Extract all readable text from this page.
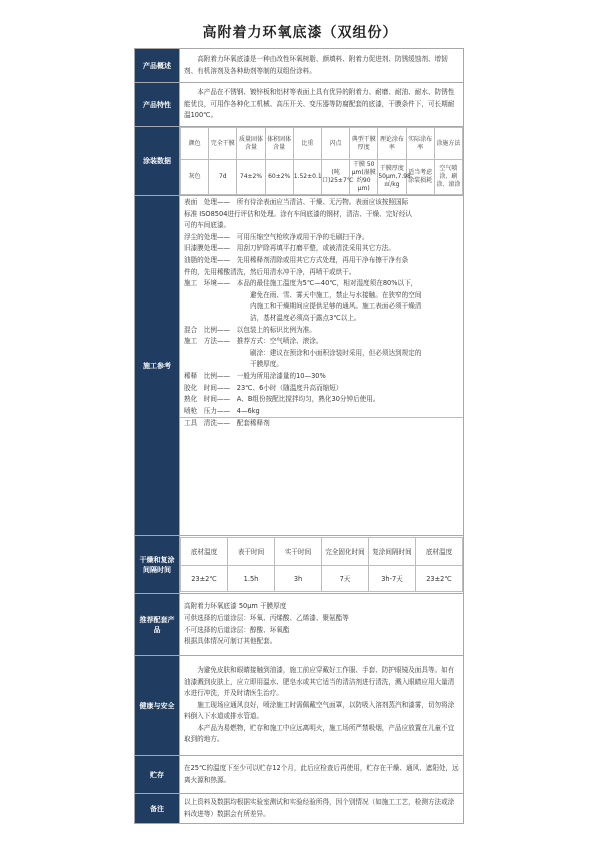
高附着力环氧底漆（双组份）
产品概述	
高附着力环氧底漆是一种由改性环氧树脂、颜填料、附着力促进剂、防锈缓蚀剂、增韧剂、有机溶剂及各种助剂等制的双组份涂料。

产品特性	
本产品在不锈钢、镀锌板和铝材等表面上具有优异的附着力、耐磨、耐油、耐水、防锈性能优良，可用作各种化工机械、高压开关、变压器等防腐配套的底漆，干膜条件下，可长期耐温100℃。

涂装数据	
颜色	完全干膜	质量固体含量	体积固体含量	比重	闪点	典型干膜厚度	理论涂布率	实际涂布率	涂施方法
灰色	7d	74±2%	60±2%	1.52±0.1	(吨口)25±7℃	干膜 50 μm(湿膜约90 μm)	干膜厚度50μm,7.98㎡/kg	适当考虑涂装损耗	空气喷涂、刷涂、滚涂

施工参考	
表面　处理——　所有待涂表面应当清洁、干燥、无污物。表面应该按照国际
标准 ISO8504进行评估和处理。涂有车间底漆的钢材，清洁、干燥、完好经认
可的车间底漆。
浮尘的处理——　可用压缩空气枪吹净或用干净的毛刷扫干净。
旧漆膜处理——　用刮刀铲除再填平打磨平整，或被清洗采用其它方法。
油脂的处理——　先用稀释剂清除或用其它方式处理，再用干净布擦干净有条
件的，先用稀酸清洗，然后用清水冲干净，再喷干或烘干。
施工　环境——　本品的最佳施工温度为5℃—40℃，相对湿度须在80%以下，
避免在雨、雪、雾天中施工，禁止与水接触。在狭窄的空间
内施工和干燥期间应提供足够的通风。施工表面必须干燥清
洁，基材温度必须高于露点3℃以上。
混合　比例——　以包装上的标识比例为准。
施工　方法——　推荐方式：空气喷涂、滚涂。
刷涂：建议在预涂和小面积涂装时采用，但必须达到规定的
干膜厚度。
稀释　比例——　一般为所用涂漆量的10—30%
胶化　时间——　23℃、6小时（随温度升高而缩短）
熟化　时间——　A、B组份按配比搅拌均匀，熟化30分钟后使用。
喷枪　压力——　4—6kg
工具　清洗——　配套稀释剂

干燥和复涂间隔时间	
底材温度	表干时间	实干时间	完全固化时间	复涂间隔时间	底材温度
23±2℃	1.5h	3h	7天	3h-7天	23±2℃

推荐配套产品	
高附着力环氧底漆 50μm 干膜厚度
可供选择的后道涂层：环氧、丙烯酸、乙烯漆、聚氨酯等
不可选择的后道涂层：醇酸、环氧酯
根据具体情况可制订其他配套。

健康与安全	
为避免皮肤和眼睛接触到油漆，施工前应穿戴好工作服、手套、防护眼镜及面具等。如有油漆溅到皮肤上，应立即用温水、肥皂水或其它适当的清洁剂进行清洗，溅入眼睛应用大量清水进行冲洗，并及时请医生治疗。
施工现场应通风良好，喷涂施工时需佩戴空气面罩，以防吸入溶剂蒸汽和漆雾，切勿将涂料倒入下水道或排水管道。
本产品为易燃物，贮存和施工中应远离明火，施工场所严禁吸烟，产品应放置在儿童不宜取到的地方。

贮存	
在25℃的温度下至少可以贮存12个月，此后应检查后再使用，贮存在干燥、通风、遮阳处，远离火源和热源。

备注	
以上资料及数据均根据实验室测试和实验经验所得，因个别情况（如施工工艺，检测方法或涂料改进等）数据会有所差异。
